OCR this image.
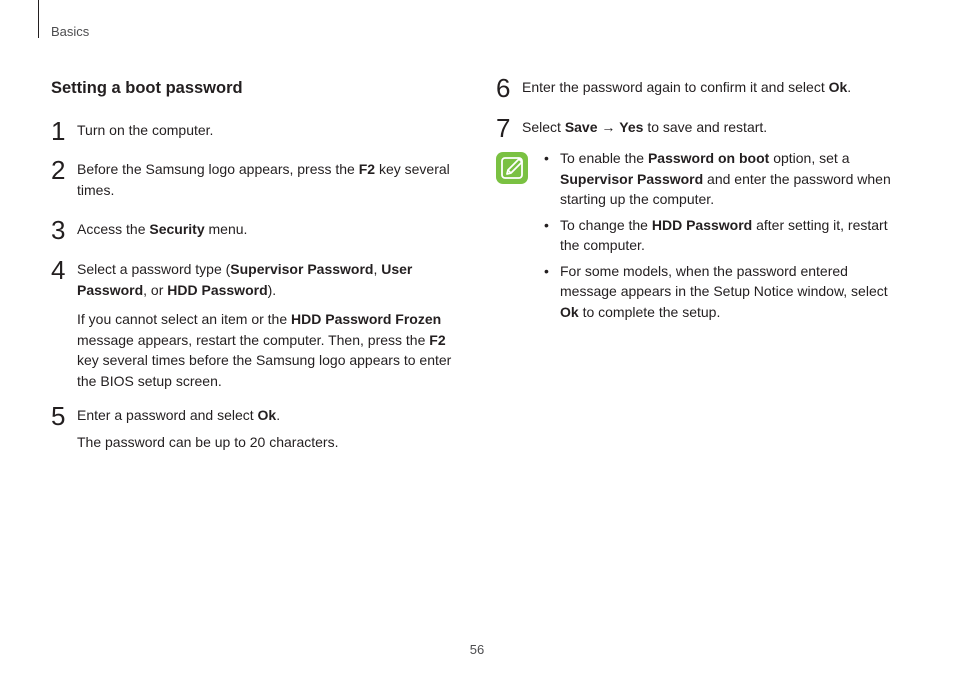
Basics
Setting a boot password
1 Turn on the computer.
2 Before the Samsung logo appears, press the F2 key several times.
3 Access the Security menu.
4 Select a password type (Supervisor Password, User Password, or HDD Password).
If you cannot select an item or the HDD Password Frozen message appears, restart the computer. Then, press the F2 key several times before the Samsung logo appears to enter the BIOS setup screen.
5 Enter a password and select Ok.
The password can be up to 20 characters.
6 Enter the password again to confirm it and select Ok.
7 Select Save → Yes to save and restart.
• To enable the Password on boot option, set a Supervisor Password and enter the password when starting up the computer.
• To change the HDD Password after setting it, restart the computer.
• For some models, when the password entered message appears in the Setup Notice window, select Ok to complete the setup.
56
